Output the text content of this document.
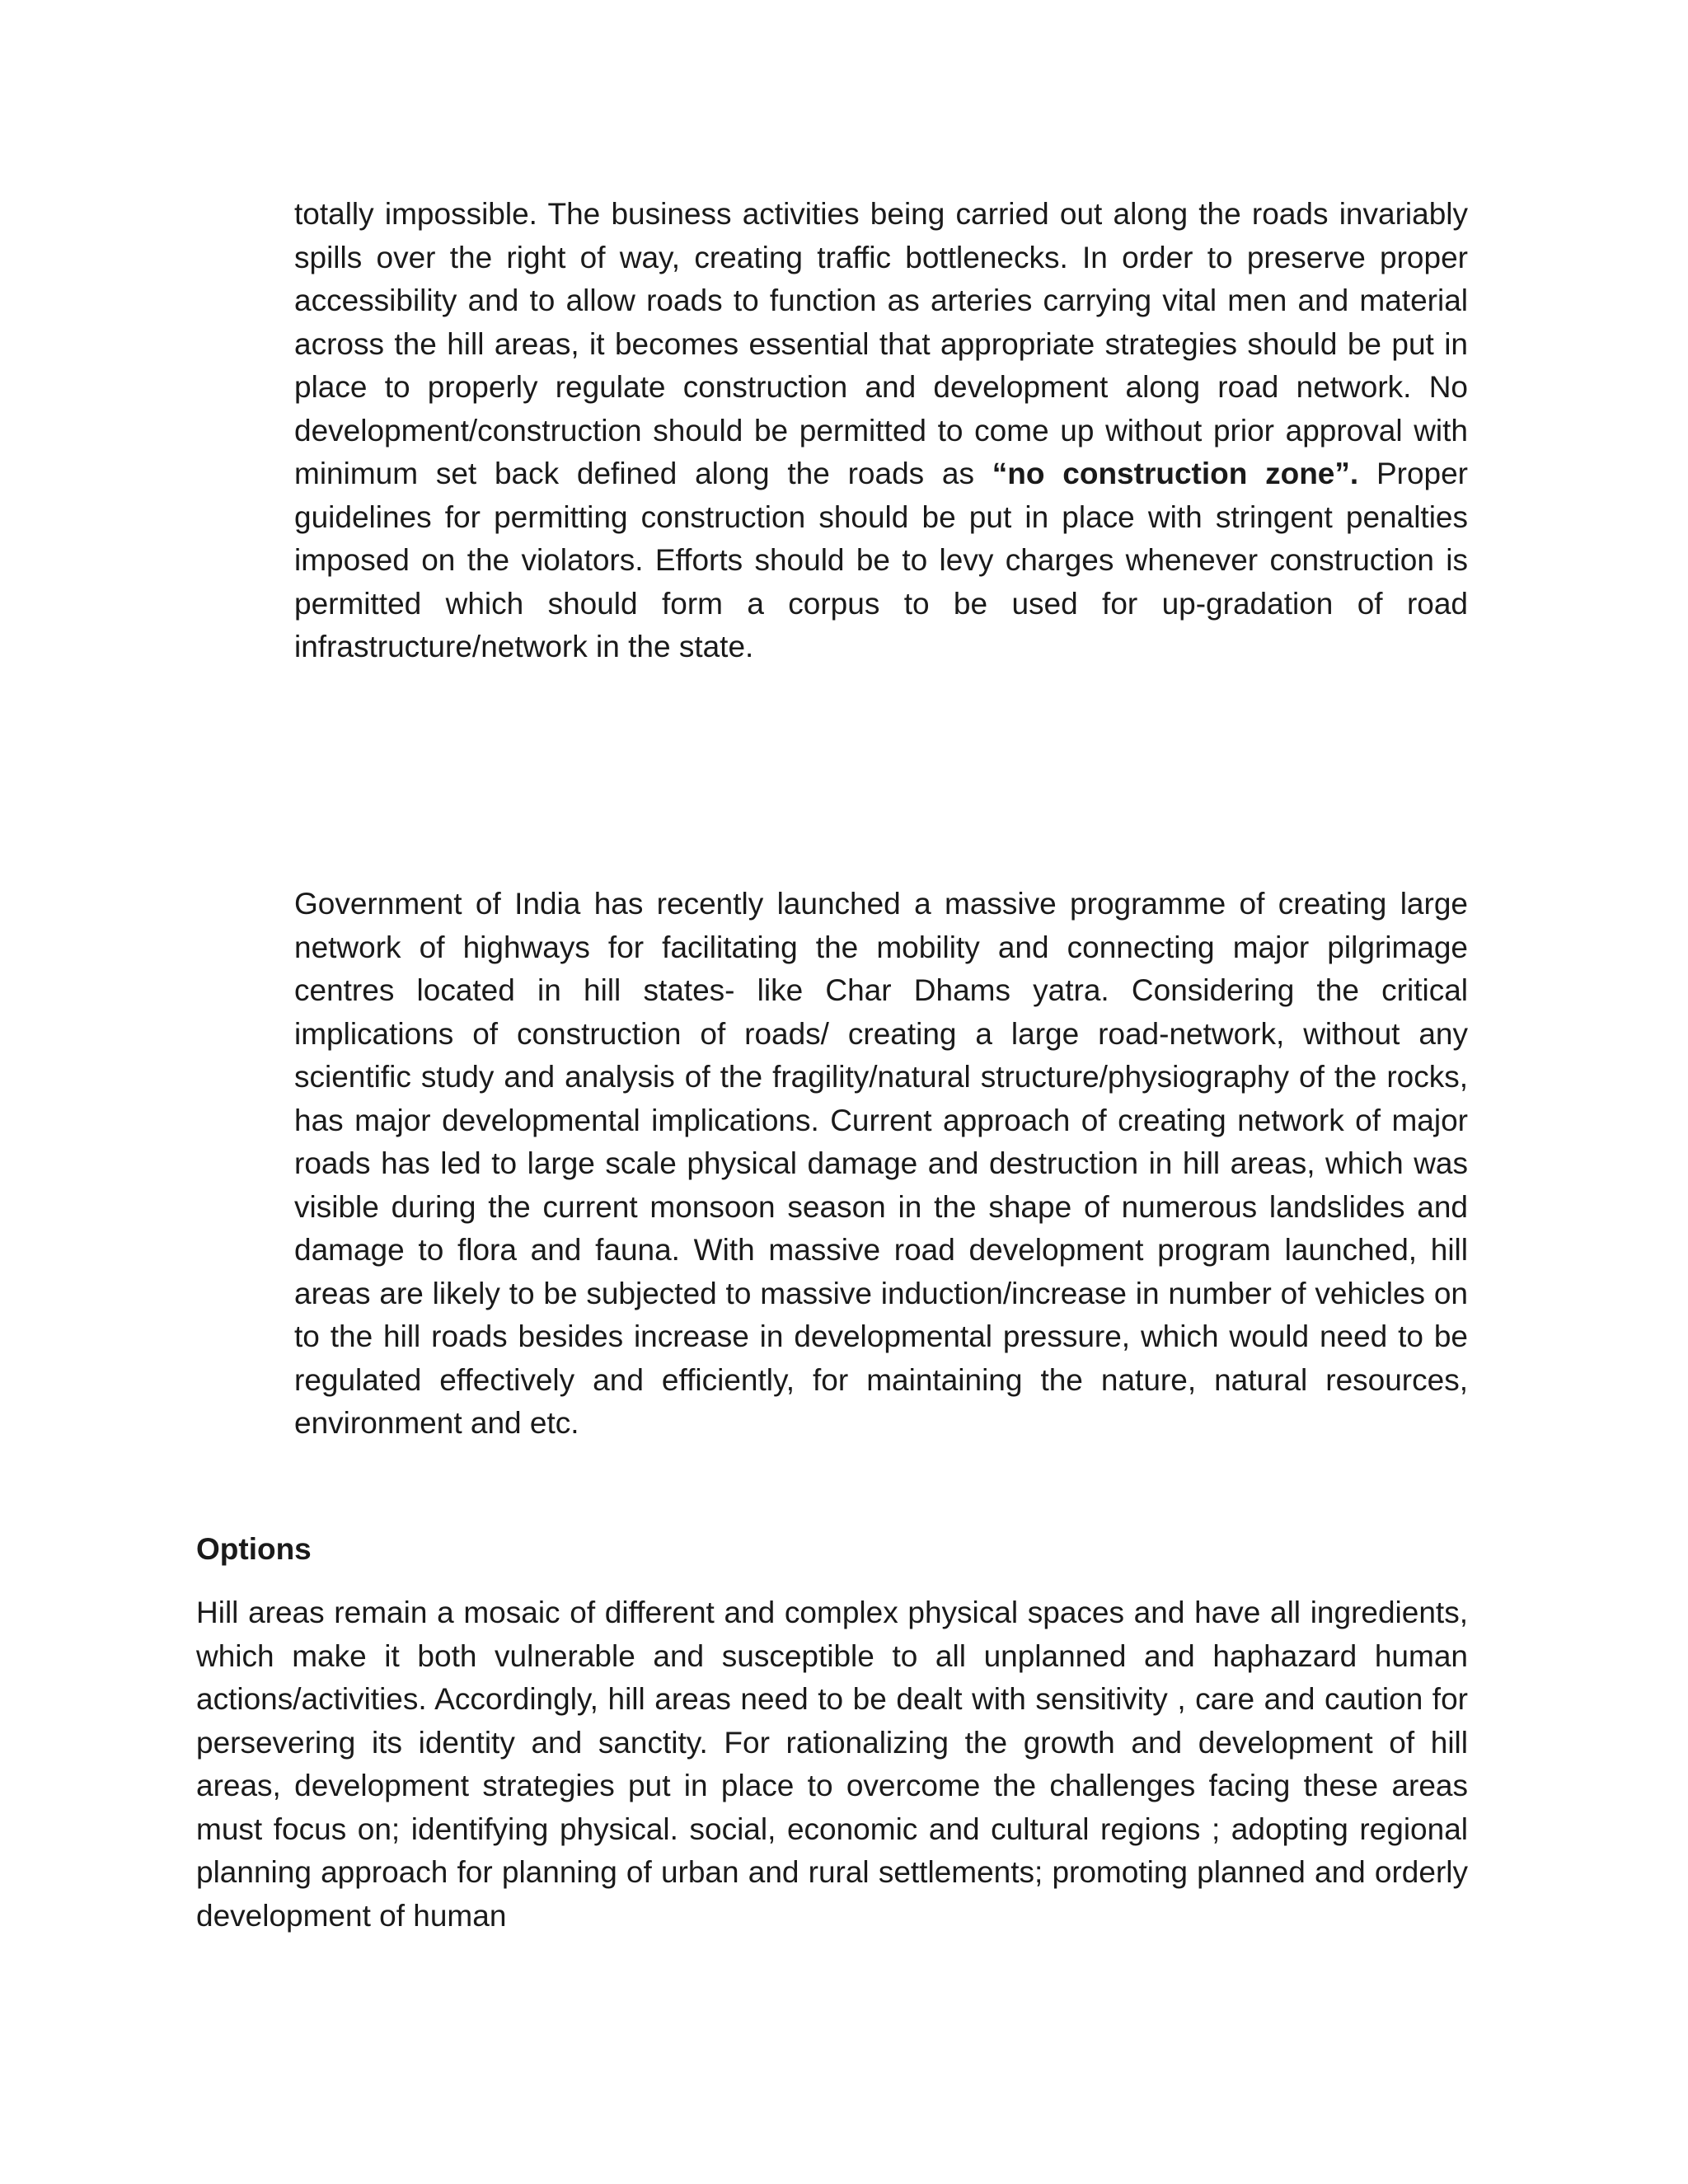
totally impossible. The business activities being carried out along the roads invariably spills over the right of way, creating traffic bottlenecks. In order to preserve proper accessibility and to allow roads to function as arteries carrying vital men and material across the hill areas, it becomes essential that appropriate strategies should be put in place to properly regulate construction and development along road network. No development/construction should be permitted to come up without prior approval with minimum set back defined along the roads as “no construction zone”. Proper guidelines for permitting construction should be put in place with stringent penalties imposed on the violators. Efforts should be to levy charges whenever construction is permitted which should form a corpus to be used for up-gradation of road infrastructure/network in the state.

Government of India has recently launched a massive programme of creating large network of highways for facilitating the mobility and connecting major pilgrimage centres located in hill states- like Char Dhams yatra. Considering the critical implications of construction of roads/ creating a large road-network, without any scientific study and analysis of the fragility/natural structure/physiography of the rocks, has major developmental implications. Current approach of creating network of major roads has led to large scale physical damage and destruction in hill areas, which was visible during the current monsoon season in the shape of numerous landslides and damage to flora and fauna. With massive road development program launched, hill areas are likely to be subjected to massive induction/increase in number of vehicles on to the hill roads besides increase in developmental pressure, which would need to be regulated effectively and efficiently, for maintaining the nature, natural resources, environment and etc.

Options

Hill areas remain a mosaic of different and complex physical spaces and have all ingredients, which make it both vulnerable and susceptible to all unplanned and haphazard human actions/activities. Accordingly, hill areas need to be dealt with sensitivity , care and caution for persevering its identity and sanctity. For rationalizing the growth and development of hill areas, development strategies put in place to overcome the challenges facing these areas must focus on; identifying physical. social, economic and cultural regions ; adopting regional planning approach for planning of urban and rural settlements; promoting planned and orderly development of human
